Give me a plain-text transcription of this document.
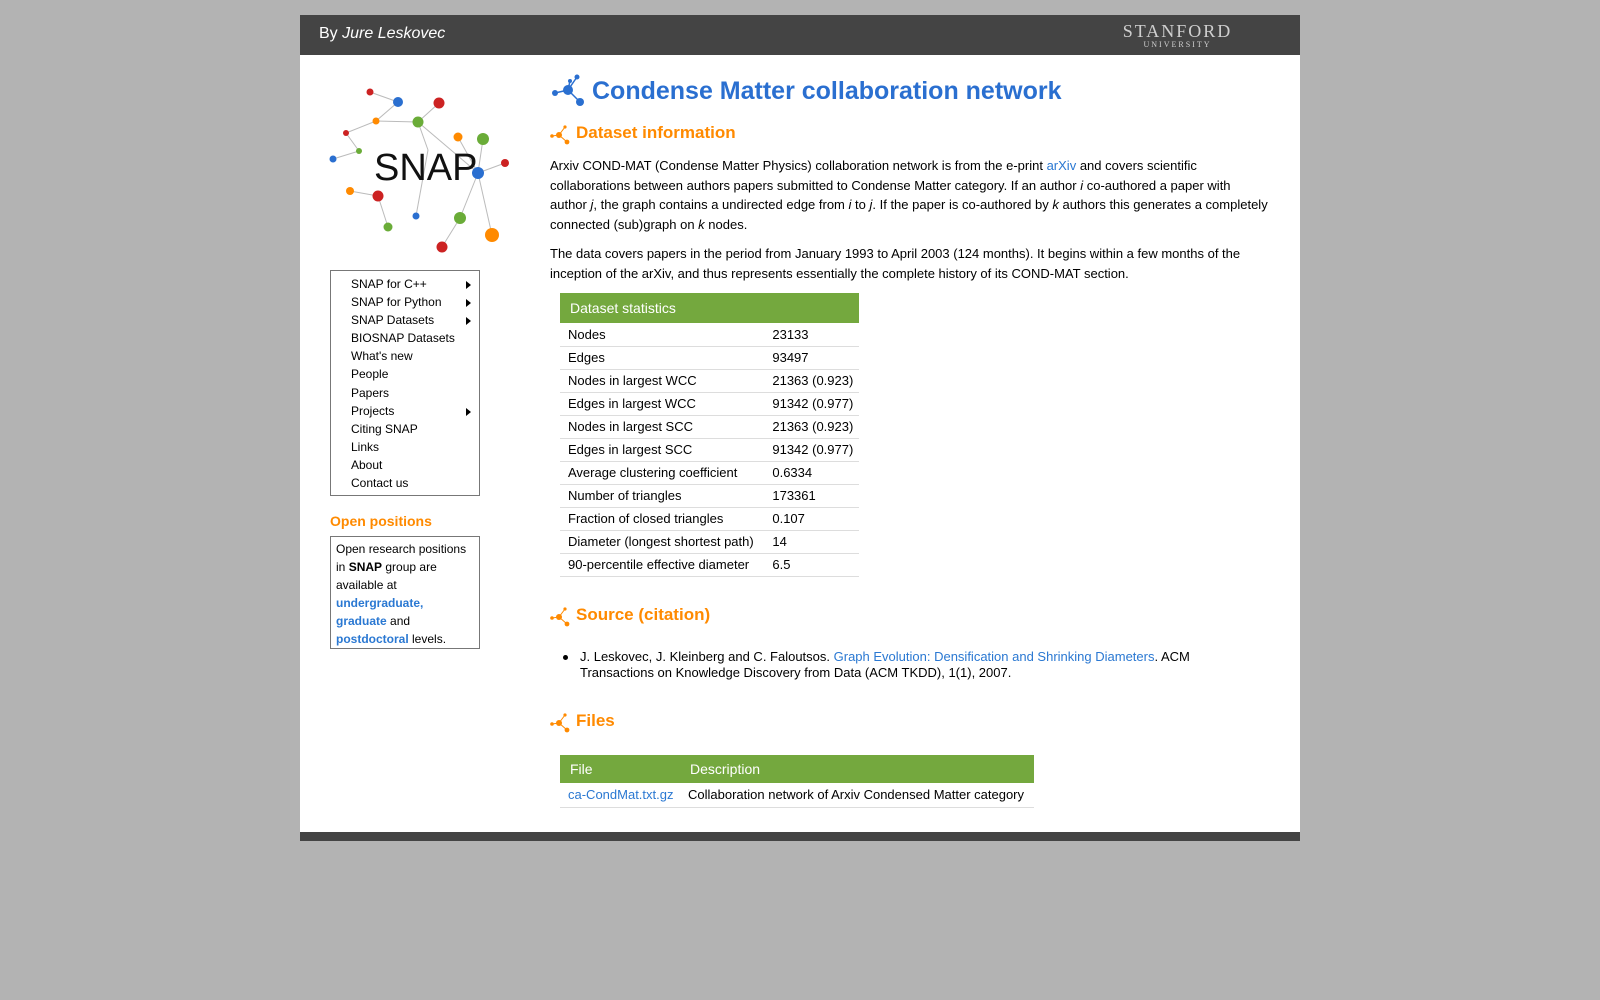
By Jure Leskovec	STANFORD
UNIVERSITY
SNAP
SNAP for C++
SNAP for Python
SNAP Datasets
BIOSNAP Datasets
What's new
People
Papers
Projects
Citing SNAP
Links
About
Contact us
Open positions
Open research positions in SNAP group are available at
undergraduate,
graduate and
postdoctoral levels.
Condense Matter collaboration network
Dataset information
Arxiv COND-MAT (Condense Matter Physics) collaboration network is from the e-print arXiv and covers scientific collaborations between authors papers submitted to Condense Matter category. If an author i co-authored a paper with author j, the graph contains a undirected edge from i to j. If the paper is co-authored by k authors this generates a completely connected (sub)graph on k nodes.
The data covers papers in the period from January 1993 to April 2003 (124 months). It begins within a few months of the inception of the arXiv, and thus represents essentially the complete history of its COND-MAT section.
Dataset statistics	
Nodes	23133
Edges	93497
Nodes in largest WCC	21363 (0.923)
Edges in largest WCC	91342 (0.977)
Nodes in largest SCC	21363 (0.923)
Edges in largest SCC	91342 (0.977)
Average clustering coefficient	0.6334
Number of triangles	173361
Fraction of closed triangles	0.107
Diameter (longest shortest path)	14
90-percentile effective diameter	6.5
Source (citation)
J. Leskovec, J. Kleinberg and C. Faloutsos. Graph Evolution: Densification and Shrinking Diameters. ACM Transactions on Knowledge Discovery from Data (ACM TKDD), 1(1), 2007.
Files
File	Description
ca-CondMat.txt.gz	Collaboration network of Arxiv Condensed Matter category
